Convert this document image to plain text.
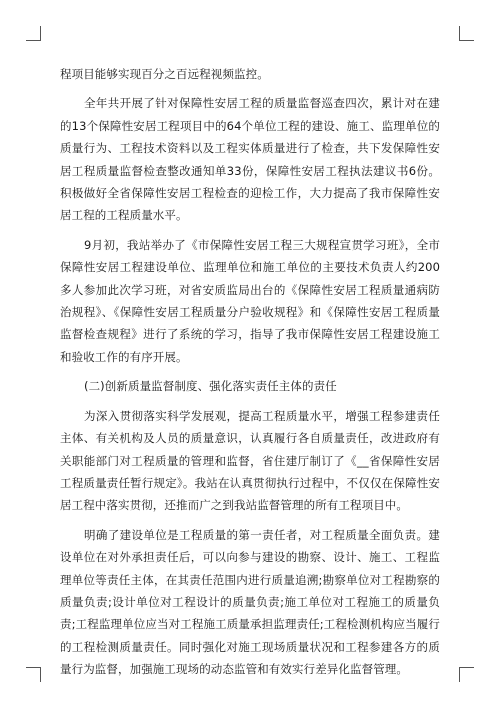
程项目能够实现百分之百远程视频监控。

全年共开展了针对保障性安居工程的质量监督巡查四次，累计对在建的13个保障性安居工程项目中的64个单位工程的建设、施工、监理单位的质量行为、工程技术资料以及工程实体质量进行了检查，共下发保障性安居工程质量监督检查整改通知单33份，保障性安居工程执法建议书6份。积极做好全省保障性安居工程检查的迎检工作，大力提高了我市保障性安居工程的工程质量水平。

9月初，我站举办了《市保障性安居工程三大规程宣贯学习班》，全市保障性安居工程建设单位、监理单位和施工单位的主要技术负责人约200多人参加此次学习班，对省安质监局出台的《保障性安居工程质量通病防治规程》、《保障性安居工程质量分户验收规程》和《保障性安居工程质量监督检查规程》进行了系统的学习，指导了我市保障性安居工程建设施工和验收工作的有序开展。

(二)创新质量监督制度、强化落实责任主体的责任

为深入贯彻落实科学发展观，提高工程质量水平，增强工程参建责任主体、有关机构及人员的质量意识，认真履行各自质量责任，改进政府有关职能部门对工程质量的管理和监督，省住建厅制订了《__省保障性安居工程质量责任暂行规定》。我站在认真贯彻执行过程中，不仅仅在保障性安居工程中落实贯彻，还推而广之到我站监督管理的所有工程项目中。

明确了建设单位是工程质量的第一责任者，对工程质量全面负责。建设单位在对外承担责任后，可以向参与建设的勘察、设计、施工、工程监理单位等责任主体，在其责任范围内进行质量追溯;勘察单位对工程勘察的质量负责;设计单位对工程设计的质量负责;施工单位对工程施工的质量负责;工程监理单位应当对工程施工质量承担监理责任;工程检测机构应当履行的工程检测质量责任。同时强化对施工现场质量状况和工程参建各方的质量行为监督，加强施工现场的动态监管和有效实行差异化监督管理。
